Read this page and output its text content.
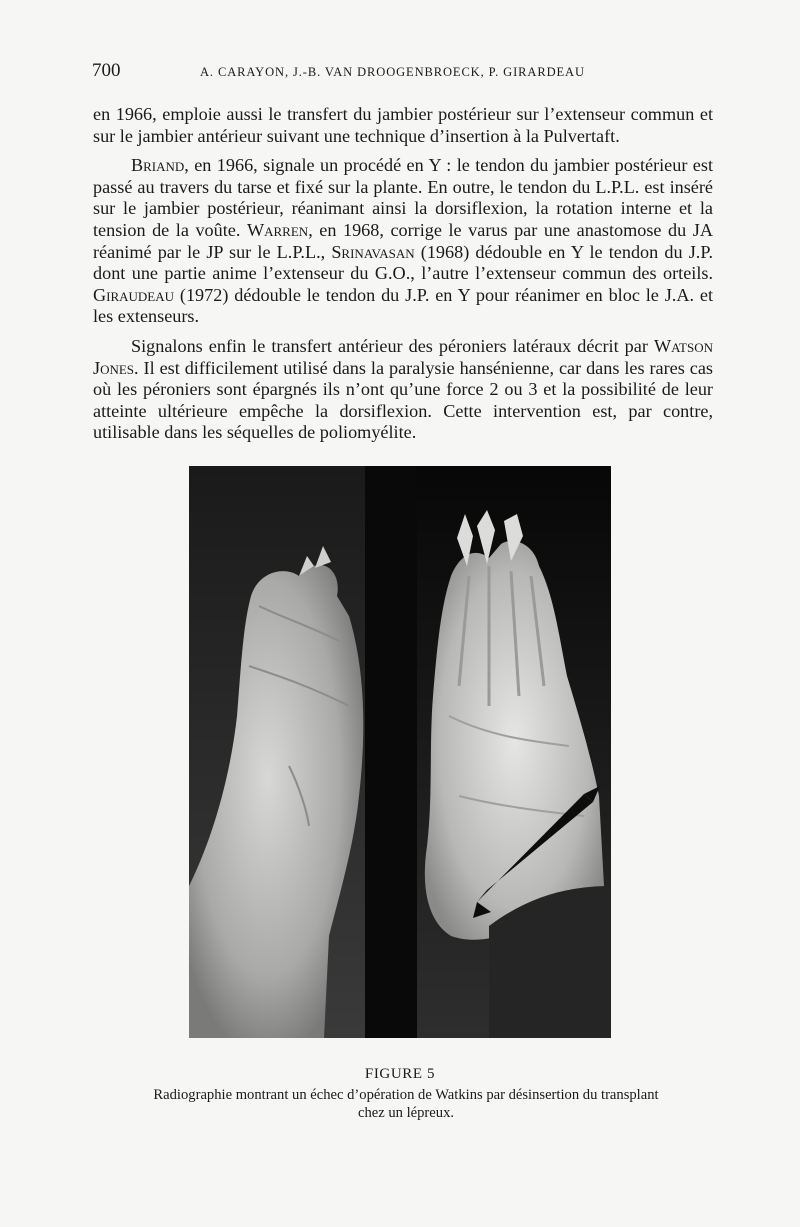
700	A. CARAYON, J.-B. VAN DROOGENBROECK, P. GIRARDEAU

en 1966, emploie aussi le transfert du jambier postérieur sur l’extenseur commun et sur le jambier antérieur suivant une technique d’insertion à la Pulvertaft.

Briand, en 1966, signale un procédé en Y : le tendon du jambier postérieur est passé au travers du tarse et fixé sur la plante. En outre, le tendon du L.P.L. est inséré sur le jambier postérieur, réanimant ainsi la dorsiflexion, la rotation interne et la tension de la voûte. Warren, en 1968, corrige le varus par une anastomose du JA réanimé par le JP sur le L.P.L., Srinavasan (1968) dédouble en Y le tendon du J.P. dont une partie anime l’extenseur du G.O., l’autre l’extenseur commun des orteils. Giraudeau (1972) dédouble le tendon du J.P. en Y pour réanimer en bloc le J.A. et les extenseurs.

Signalons enfin le transfert antérieur des péroniers latéraux décrit par Watson Jones. Il est difficilement utilisé dans la paralysie hansénienne, car dans les rares cas où les péroniers sont épargnés ils n’ont qu’une force 2 ou 3 et la possibilité de leur atteinte ultérieure empêche la dorsiflexion. Cette intervention est, par contre, utilisable dans les séquelles de poliomyélite.

FIGURE 5
Radiographie montrant un échec d’opération de Watkins par désinsertion du transplant chez un lépreux.
